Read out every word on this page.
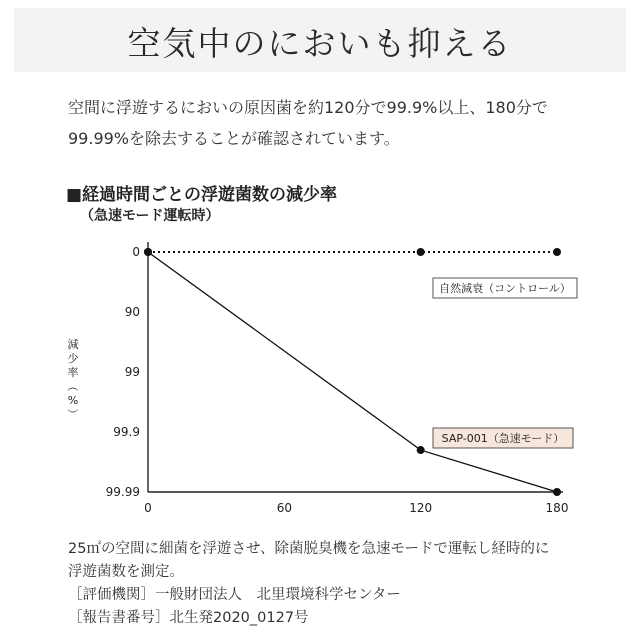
空気中のにおいも抑える
空間に浮遊するにおいの原因菌を約120分で99.9%以上、180分で99.99%を除去することが確認されています。
■経過時間ごとの浮遊菌数の減少率
（急速モード運転時）
0
90
99
99.9
99.99
0	60	120	180
自然減衰（コントロール）
SAP-001（急速モード）
減
少
率
（
%
）
25㎡の空間に細菌を浮遊させ、除菌脱臭機を急速モードで運転し経時的に
浮遊菌数を測定。
［評価機関］一般財団法人　北里環境科学センター
［報告書番号］北生発2020_0127号
